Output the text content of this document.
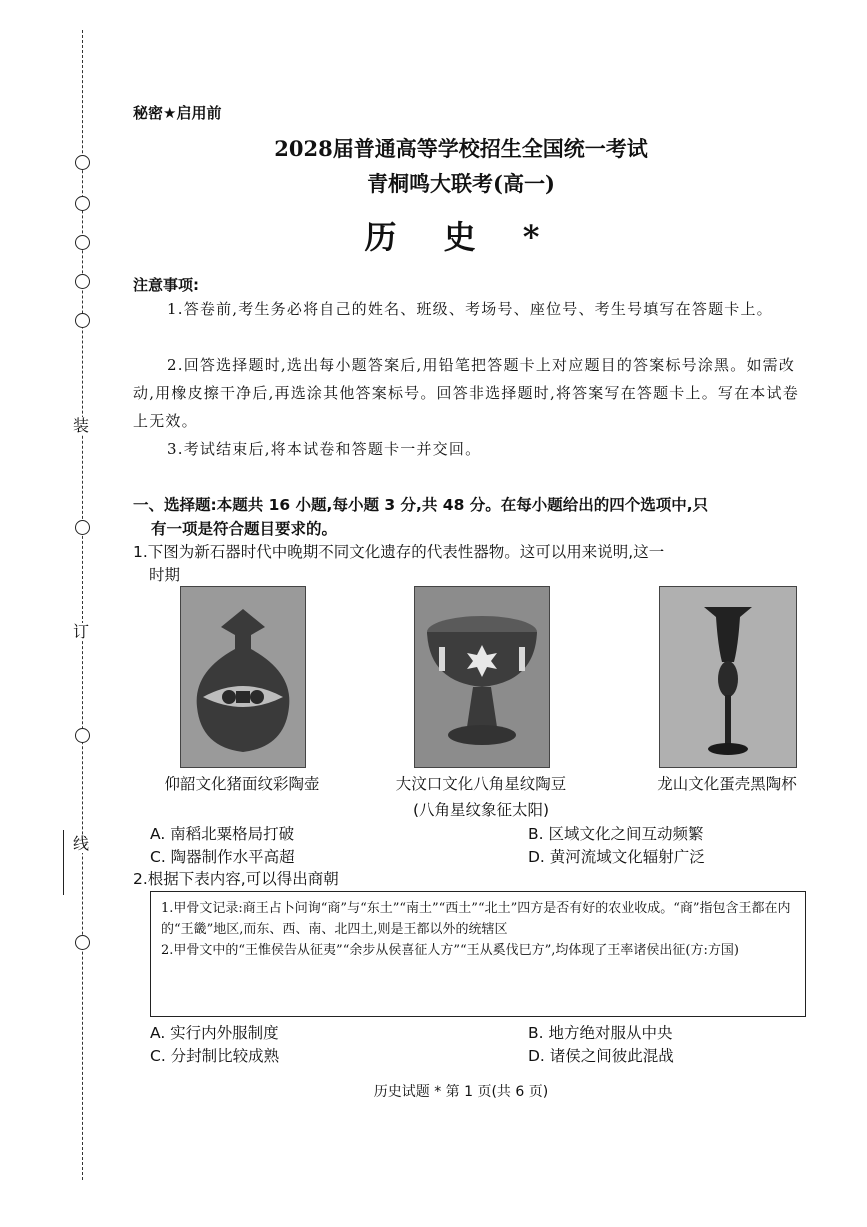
装
订
线
秘密★启用前
2028届普通高等学校招生全国统一考试
青桐鸣大联考(高一)
历 史 *
注意事项:
1.答卷前,考生务必将自己的姓名、班级、考场号、座位号、考生号填写在答题卡上。
2.回答选择题时,选出每小题答案后,用铅笔把答题卡上对应题目的答案标号涂黑。如需改动,用橡皮擦干净后,再选涂其他答案标号。回答非选择题时,将答案写在答题卡上。写在本试卷上无效。
3.考试结束后,将本试卷和答题卡一并交回。
一、选择题:本题共 16 小题,每小题 3 分,共 48 分。在每小题给出的四个选项中,只
有一项是符合题目要求的。
1.下图为新石器时代中晚期不同文化遗存的代表性器物。这可以用来说明,这一
时期
仰韶文化猪面纹彩陶壶	大汶口文化八角星纹陶豆
(八角星纹象征太阳)
龙山文化蛋壳黑陶杯
A. 南稻北粟格局打破	B. 区域文化之间互动频繁
C. 陶器制作水平高超	D. 黄河流域文化辐射广泛
2.根据下表内容,可以得出商朝
1.甲骨文记录:商王占卜问询“商”与“东土”“南土”“西土”“北土”四方是否有好的农业收成。“商”指包含王都在内的“王畿”地区,而东、西、南、北四土,则是王都以外的统辖区
2.甲骨文中的“王惟侯告从征夷”“余步从侯喜征人方”“王从奚伐巳方”,均体现了王率诸侯出征(方:方国)
A. 实行内外服制度	B. 地方绝对服从中央
C. 分封制比较成熟	D. 诸侯之间彼此混战
历史试题 * 第 1 页(共 6 页)
